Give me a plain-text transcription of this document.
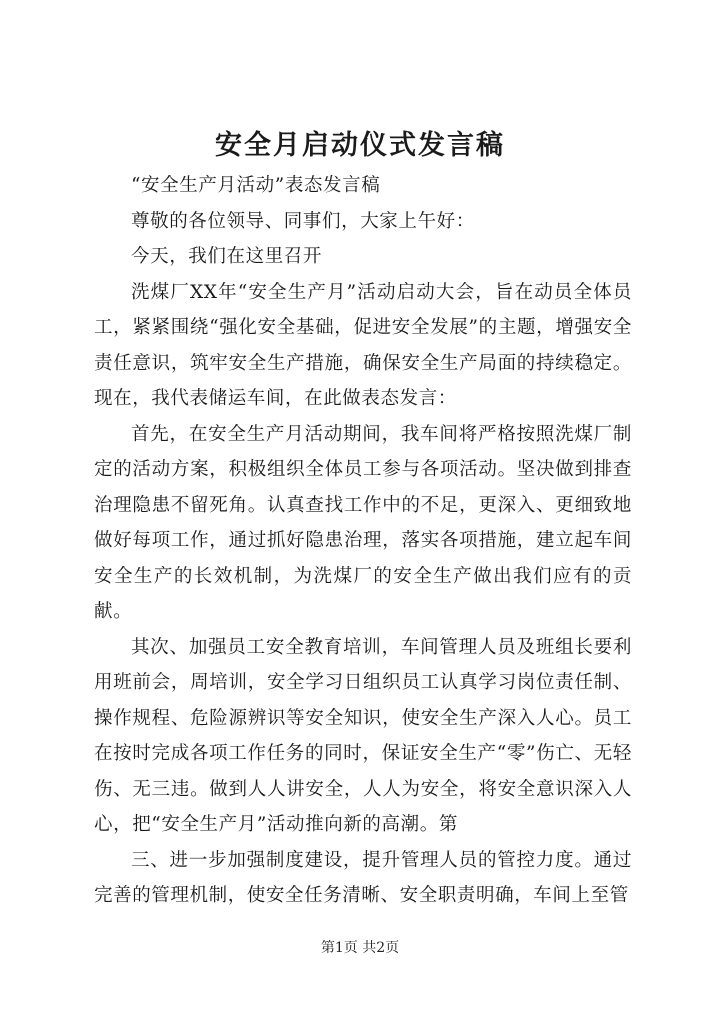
安全月启动仪式发言稿

“安全生产月活动”表态发言稿

尊敬的各位领导、同事们，大家上午好：

今天，我们在这里召开

洗煤厂XX年“安全生产月”活动启动大会，旨在动员全体员工，紧紧围绕“强化安全基础，促进安全发展”的主题，增强安全责任意识，筑牢安全生产措施，确保安全生产局面的持续稳定。现在，我代表储运车间，在此做表态发言：

首先，在安全生产月活动期间，我车间将严格按照洗煤厂制定的活动方案，积极组织全体员工参与各项活动。坚决做到排查治理隐患不留死角。认真查找工作中的不足，更深入、更细致地做好每项工作，通过抓好隐患治理，落实各项措施，建立起车间安全生产的长效机制，为洗煤厂的安全生产做出我们应有的贡献。

其次、加强员工安全教育培训，车间管理人员及班组长要利用班前会，周培训，安全学习日组织员工认真学习岗位责任制、操作规程、危险源辨识等安全知识，使安全生产深入人心。员工在按时完成各项工作任务的同时，保证安全生产“零”伤亡、无轻伤、无三违。做到人人讲安全，人人为安全，将安全意识深入人心，把“安全生产月”活动推向新的高潮。第

三、进一步加强制度建设，提升管理人员的管控力度。通过完善的管理机制，使安全任务清晰、安全职责明确，车间上至管

第1页 共2页
